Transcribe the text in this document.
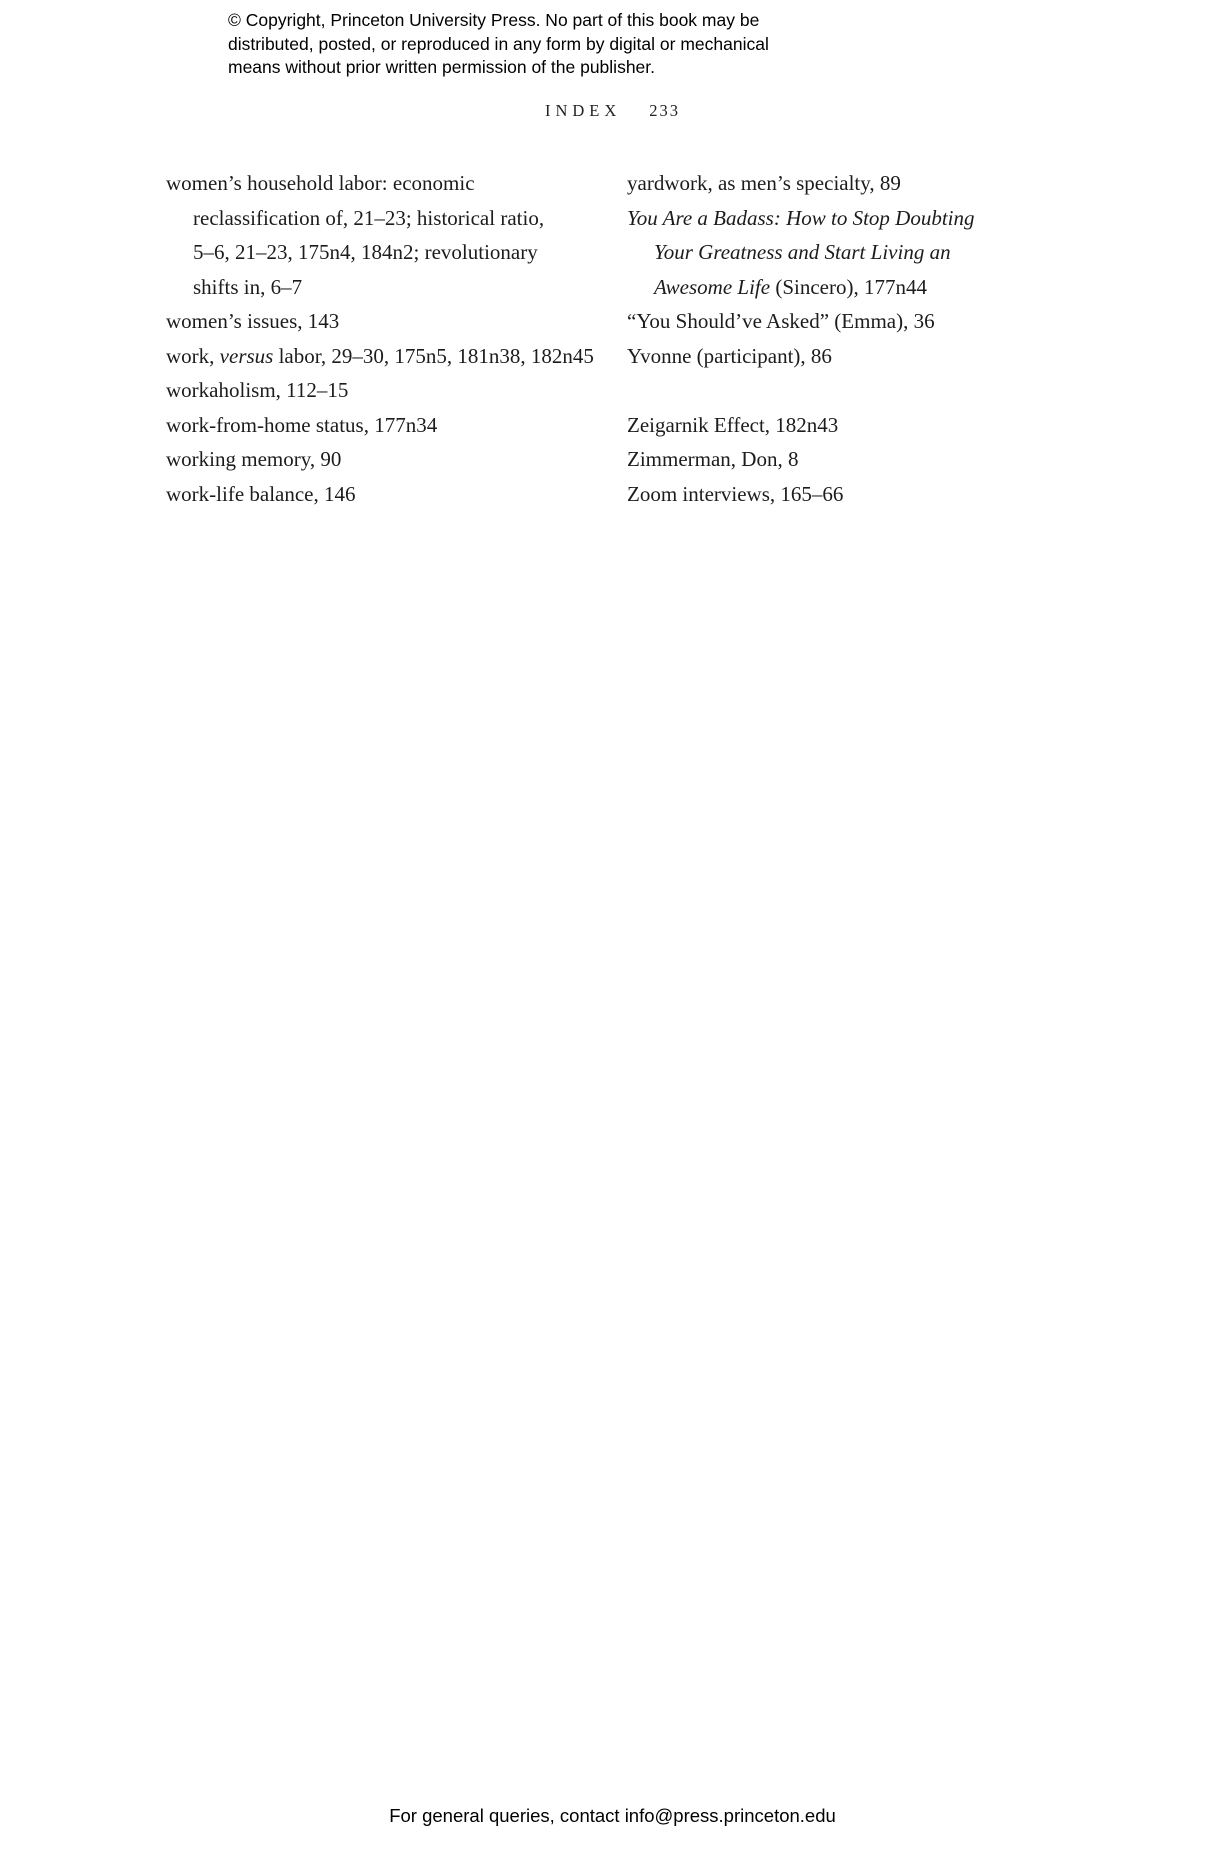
© Copyright, Princeton University Press. No part of this book may be
distributed, posted, or reproduced in any form by digital or mechanical
means without prior written permission of the publisher.
INDEX 233
women’s household labor: economic
reclassification of, 21–23; historical ratio,
5–6, 21–23, 175n4, 184n2; revolutionary
shifts in, 6–7
women’s issues, 143
work, versus labor, 29–30, 175n5, 181n38, 182n45
workaholism, 112–15
work-from-home status, 177n34
working memory, 90
work-life balance, 146
yardwork, as men’s specialty, 89
You Are a Badass: How to Stop Doubting
Your Greatness and Start Living an
Awesome Life (Sincero), 177n44
“You Should’ve Asked” (Emma), 36
Yvonne (participant), 86
Zeigarnik Effect, 182n43
Zimmerman, Don, 8
Zoom interviews, 165–66
For general queries, contact info@press.princeton.edu
